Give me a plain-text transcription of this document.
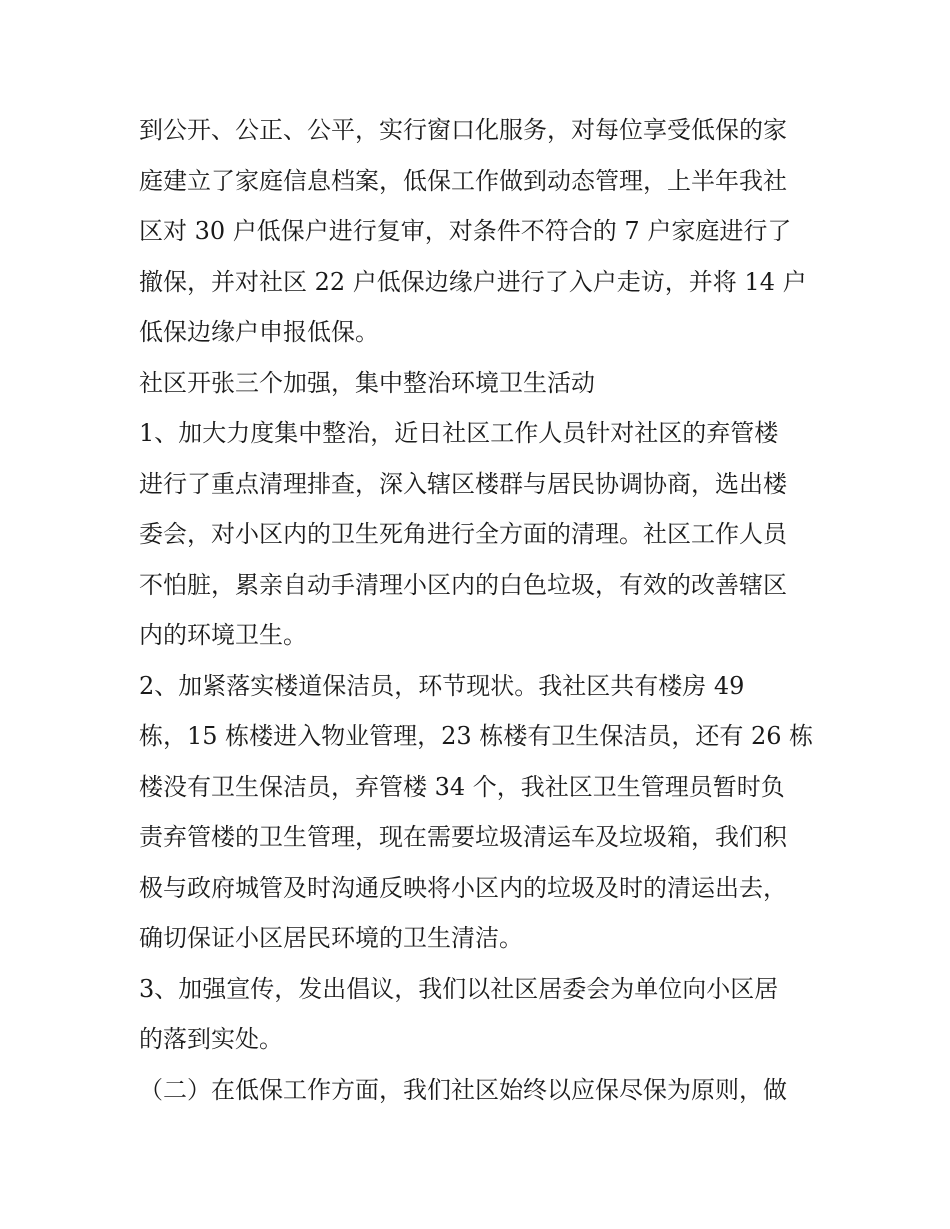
到公开、公正、公平，实行窗口化服务，对每位享受低保的家
庭建立了家庭信息档案，低保工作做到动态管理，上半年我社
区对 30 户低保户进行复审，对条件不符合的 7 户家庭进行了
撤保，并对社区 22 户低保边缘户进行了入户走访，并将 14 户
低保边缘户申报低保。
社区开张三个加强，集中整治环境卫生活动
1、加大力度集中整治，近日社区工作人员针对社区的弃管楼
进行了重点清理排查，深入辖区楼群与居民协调协商，选出楼
委会，对小区内的卫生死角进行全方面的清理。社区工作人员
不怕脏，累亲自动手清理小区内的白色垃圾，有效的改善辖区
内的环境卫生。
2、加紧落实楼道保洁员，环节现状。我社区共有楼房 49
栋，15 栋楼进入物业管理，23 栋楼有卫生保洁员，还有 26 栋
楼没有卫生保洁员，弃管楼 34 个，我社区卫生管理员暂时负
责弃管楼的卫生管理，现在需要垃圾清运车及垃圾箱，我们积
极与政府城管及时沟通反映将小区内的垃圾及时的清运出去，
确切保证小区居民环境的卫生清洁。
3、加强宣传，发出倡议，我们以社区居委会为单位向小区居
的落到实处。
（二）在低保工作方面，我们社区始终以应保尽保为原则，做
